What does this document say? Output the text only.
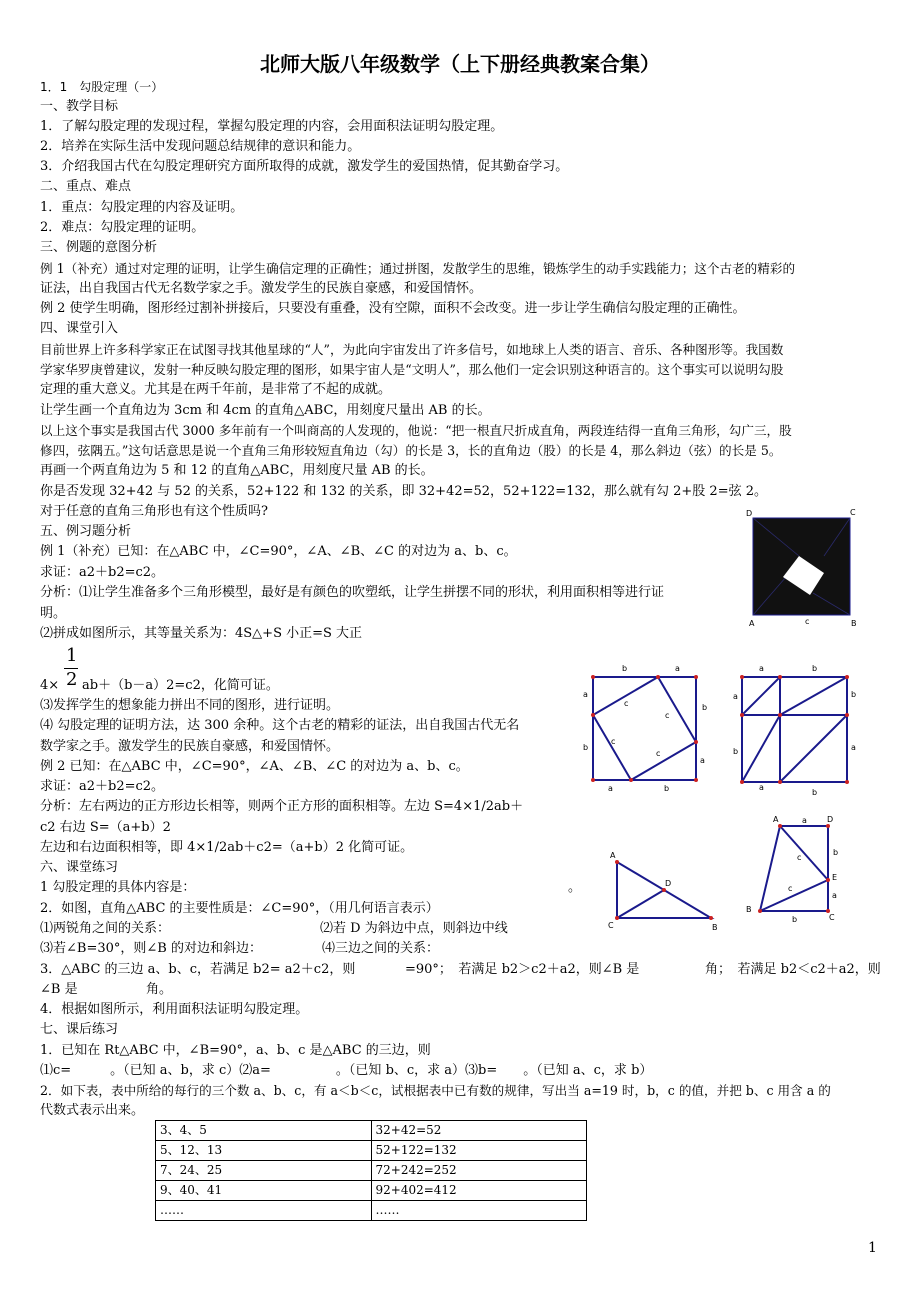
北师大版八年级数学（上下册经典教案合集）
1．1　勾股定理（一）
一、教学目标
1．了解勾股定理的发现过程，掌握勾股定理的内容，会用面积法证明勾股定理。
2．培养在实际生活中发现问题总结规律的意识和能力。
3．介绍我国古代在勾股定理研究方面所取得的成就，激发学生的爱国热情，促其勤奋学习。
二、重点、难点
1．重点：勾股定理的内容及证明。
2．难点：勾股定理的证明。
三、例题的意图分析
例 1（补充）通过对定理的证明，让学生确信定理的正确性；通过拼图，发散学生的思维，锻炼学生的动手实践能力；这个古老的精彩的
证法，出自我国古代无名数学家之手。激发学生的民族自豪感，和爱国情怀。
例 2 使学生明确，图形经过割补拼接后，只要没有重叠，没有空隙，面积不会改变。进一步让学生确信勾股定理的正确性。
四、课堂引入
目前世界上许多科学家正在试图寻找其他星球的“人”，为此向宇宙发出了许多信号，如地球上人类的语言、音乐、各种图形等。我国数
学家华罗庚曾建议，发射一种反映勾股定理的图形，如果宇宙人是“文明人”，那么他们一定会识别这种语言的。这个事实可以说明勾股
定理的重大意义。尤其是在两千年前，是非常了不起的成就。
让学生画一个直角边为 3cm 和 4cm 的直角△ABC，用刻度尺量出 AB 的长。
以上这个事实是我国古代 3000 多年前有一个叫商高的人发现的，他说：“把一根直尺折成直角，两段连结得一直角三角形，勾广三，股
修四，弦隅五。”这句话意思是说一个直角三角形较短直角边（勾）的长是 3，长的直角边（股）的长是 4，那么斜边（弦）的长是 5。
再画一个两直角边为 5 和 12 的直角△ABC，用刻度尺量 AB 的长。
你是否发现 32+42 与 52 的关系，52+122 和 132 的关系，即 32+42=52，52+122=132，那么就有勾 2+股 2=弦 2。
对于任意的直角三角形也有这个性质吗?
五、例习题分析
例 1（补充）已知：在△ABC 中，∠C=90°，∠A、∠B、∠C 的对边为 a、b、c。
求证：a2＋b2=c2。
分析：⑴让学生准备多个三角形模型，最好是有颜色的吹塑纸，让学生拼摆不同的形状，利用面积相等进行证
明。
⑵拼成如图所示，其等量关系为：4S△+S 小正=S 大正
1
2
4× ab＋（b－a）2=c2，化简可证。
⑶发挥学生的想象能力拼出不同的图形，进行证明。
⑷ 勾股定理的证明方法，达 300 余种。这个古老的精彩的证法，出自我国古代无名
数学家之手。激发学生的民族自豪感，和爱国情怀。
例 2 已知：在△ABC 中，∠C=90°，∠A、∠B、∠C 的对边为 a、b、c。
求证：a2＋b2=c2。
分析：左右两边的正方形边长相等，则两个正方形的面积相等。左边 S=4×1/2ab＋
c2 右边 S=（a+b）2
左边和右边面积相等，即 4×1/2ab＋c2=（a+b）2 化简可证。
六、课堂练习
1 勾股定理的具体内容是：	。
2．如图，直角△ABC 的主要性质是：∠C=90°，（用几何语言表示）
⑴两锐角之间的关系：	⑵若 D 为斜边中点，则斜边中线
⑶若∠B=30°，则∠B 的对边和斜边：	⑷三边之间的关系：
3．△ABC 的三边 a、b、c，若满足 b2= a2＋c2，则	=90°；　若满足 b2＞c2＋a2，则∠B 是	角；　若满足 b2＜c2＋a2，则
∠B 是	角。
4．根据如图所示，利用面积法证明勾股定理。
七、课后练习
1．已知在 Rt△ABC 中，∠B=90°，a、b、c 是△ABC 的三边，则
⑴c=　　　。（已知 a、b，求 c）⑵a=　　　　　。（已知 b、c，求 a）⑶b=　　。（已知 a、c，求 b）
2．如下表，表中所给的每行的三个数 a、b、c，有 a＜b＜c，试根据表中已有数的规律，写出当 a=19 时，b，c 的值，并把 b、c 用含 a 的
代数式表示出来。
3、4、5	32+42=52
5、12、13	52+122=132
7、24、25	72+242=252
9、40、41	92+402=412
……	……
D	C
A	c	B
b	a
a
c
c
b
b
c
c
a
a	b
a	b
a	b
a
b
a
b
A
D
C	B
A	a	D
b
c
E
c
a
B
b	C
1
